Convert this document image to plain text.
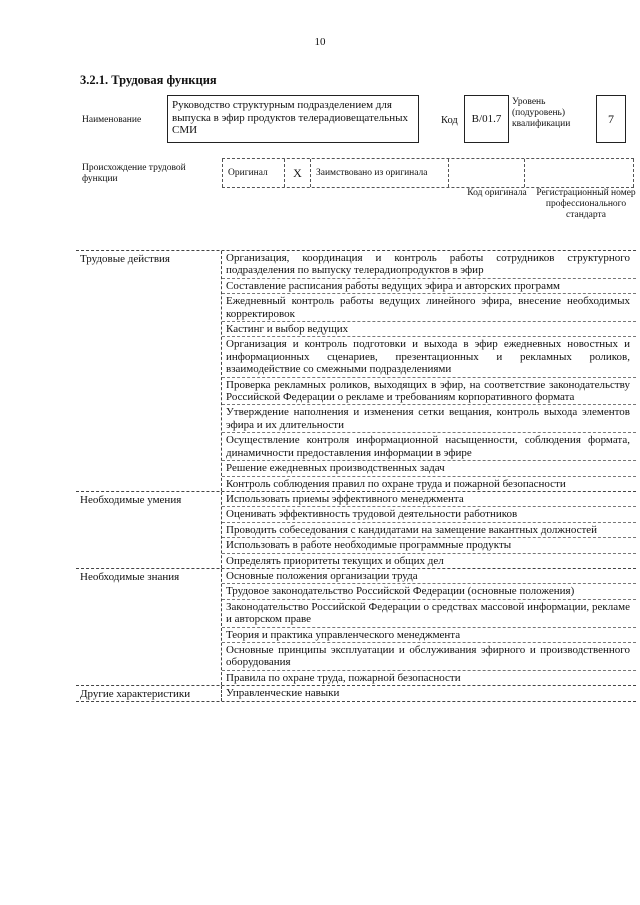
10
3.2.1. Трудовая функция
Наименование
Руководство структурным подразделением для выпуска в эфир продуктов телерадиовещательных СМИ
Код B/01.7
Уровень (подуровень) квалификации	7
Происхождение трудовой функции
Оригинал X Заимствовано из оригинала
Код оригинала	Регистрационный номер профессионального стандарта
Трудовые действия	Организация, координация и контроль работы сотрудников структурного подразделения по выпуску телерадиопродуктов в эфир
Составление расписания работы ведущих эфира и авторских программ
Ежедневный контроль работы ведущих линейного эфира, внесение необходимых корректировок
Кастинг и выбор ведущих
Организация и контроль подготовки и выхода в эфир ежедневных новостных и информационных сценариев, презентационных и рекламных роликов, взаимодействие со смежными подразделениями
Проверка рекламных роликов, выходящих в эфир, на соответствие законодательству Российской Федерации о рекламе и требованиям корпоративного формата
Утверждение наполнения и изменения сетки вещания, контроль выхода элементов эфира и их длительности
Осуществление контроля информационной насыщенности, соблюдения формата, динамичности предоставления информации в эфире
Решение ежедневных производственных задач
Контроль соблюдения правил по охране труда и пожарной безопасности
Необходимые умения	Использовать приемы эффективного менеджмента
Оценивать эффективность трудовой деятельности работников
Проводить собеседования с кандидатами на замещение вакантных должностей
Использовать в работе необходимые программные продукты
Определять приоритеты текущих и общих дел
Необходимые знания	Основные положения организации труда
Трудовое законодательство Российской Федерации (основные положения)
Законодательство Российской Федерации о средствах массовой информации, рекламе и авторском праве
Теория и практика управленческого менеджмента
Основные принципы эксплуатации и обслуживания эфирного и производственного оборудования
Правила по охране труда, пожарной безопасности
Другие характеристики	Управленческие навыки
